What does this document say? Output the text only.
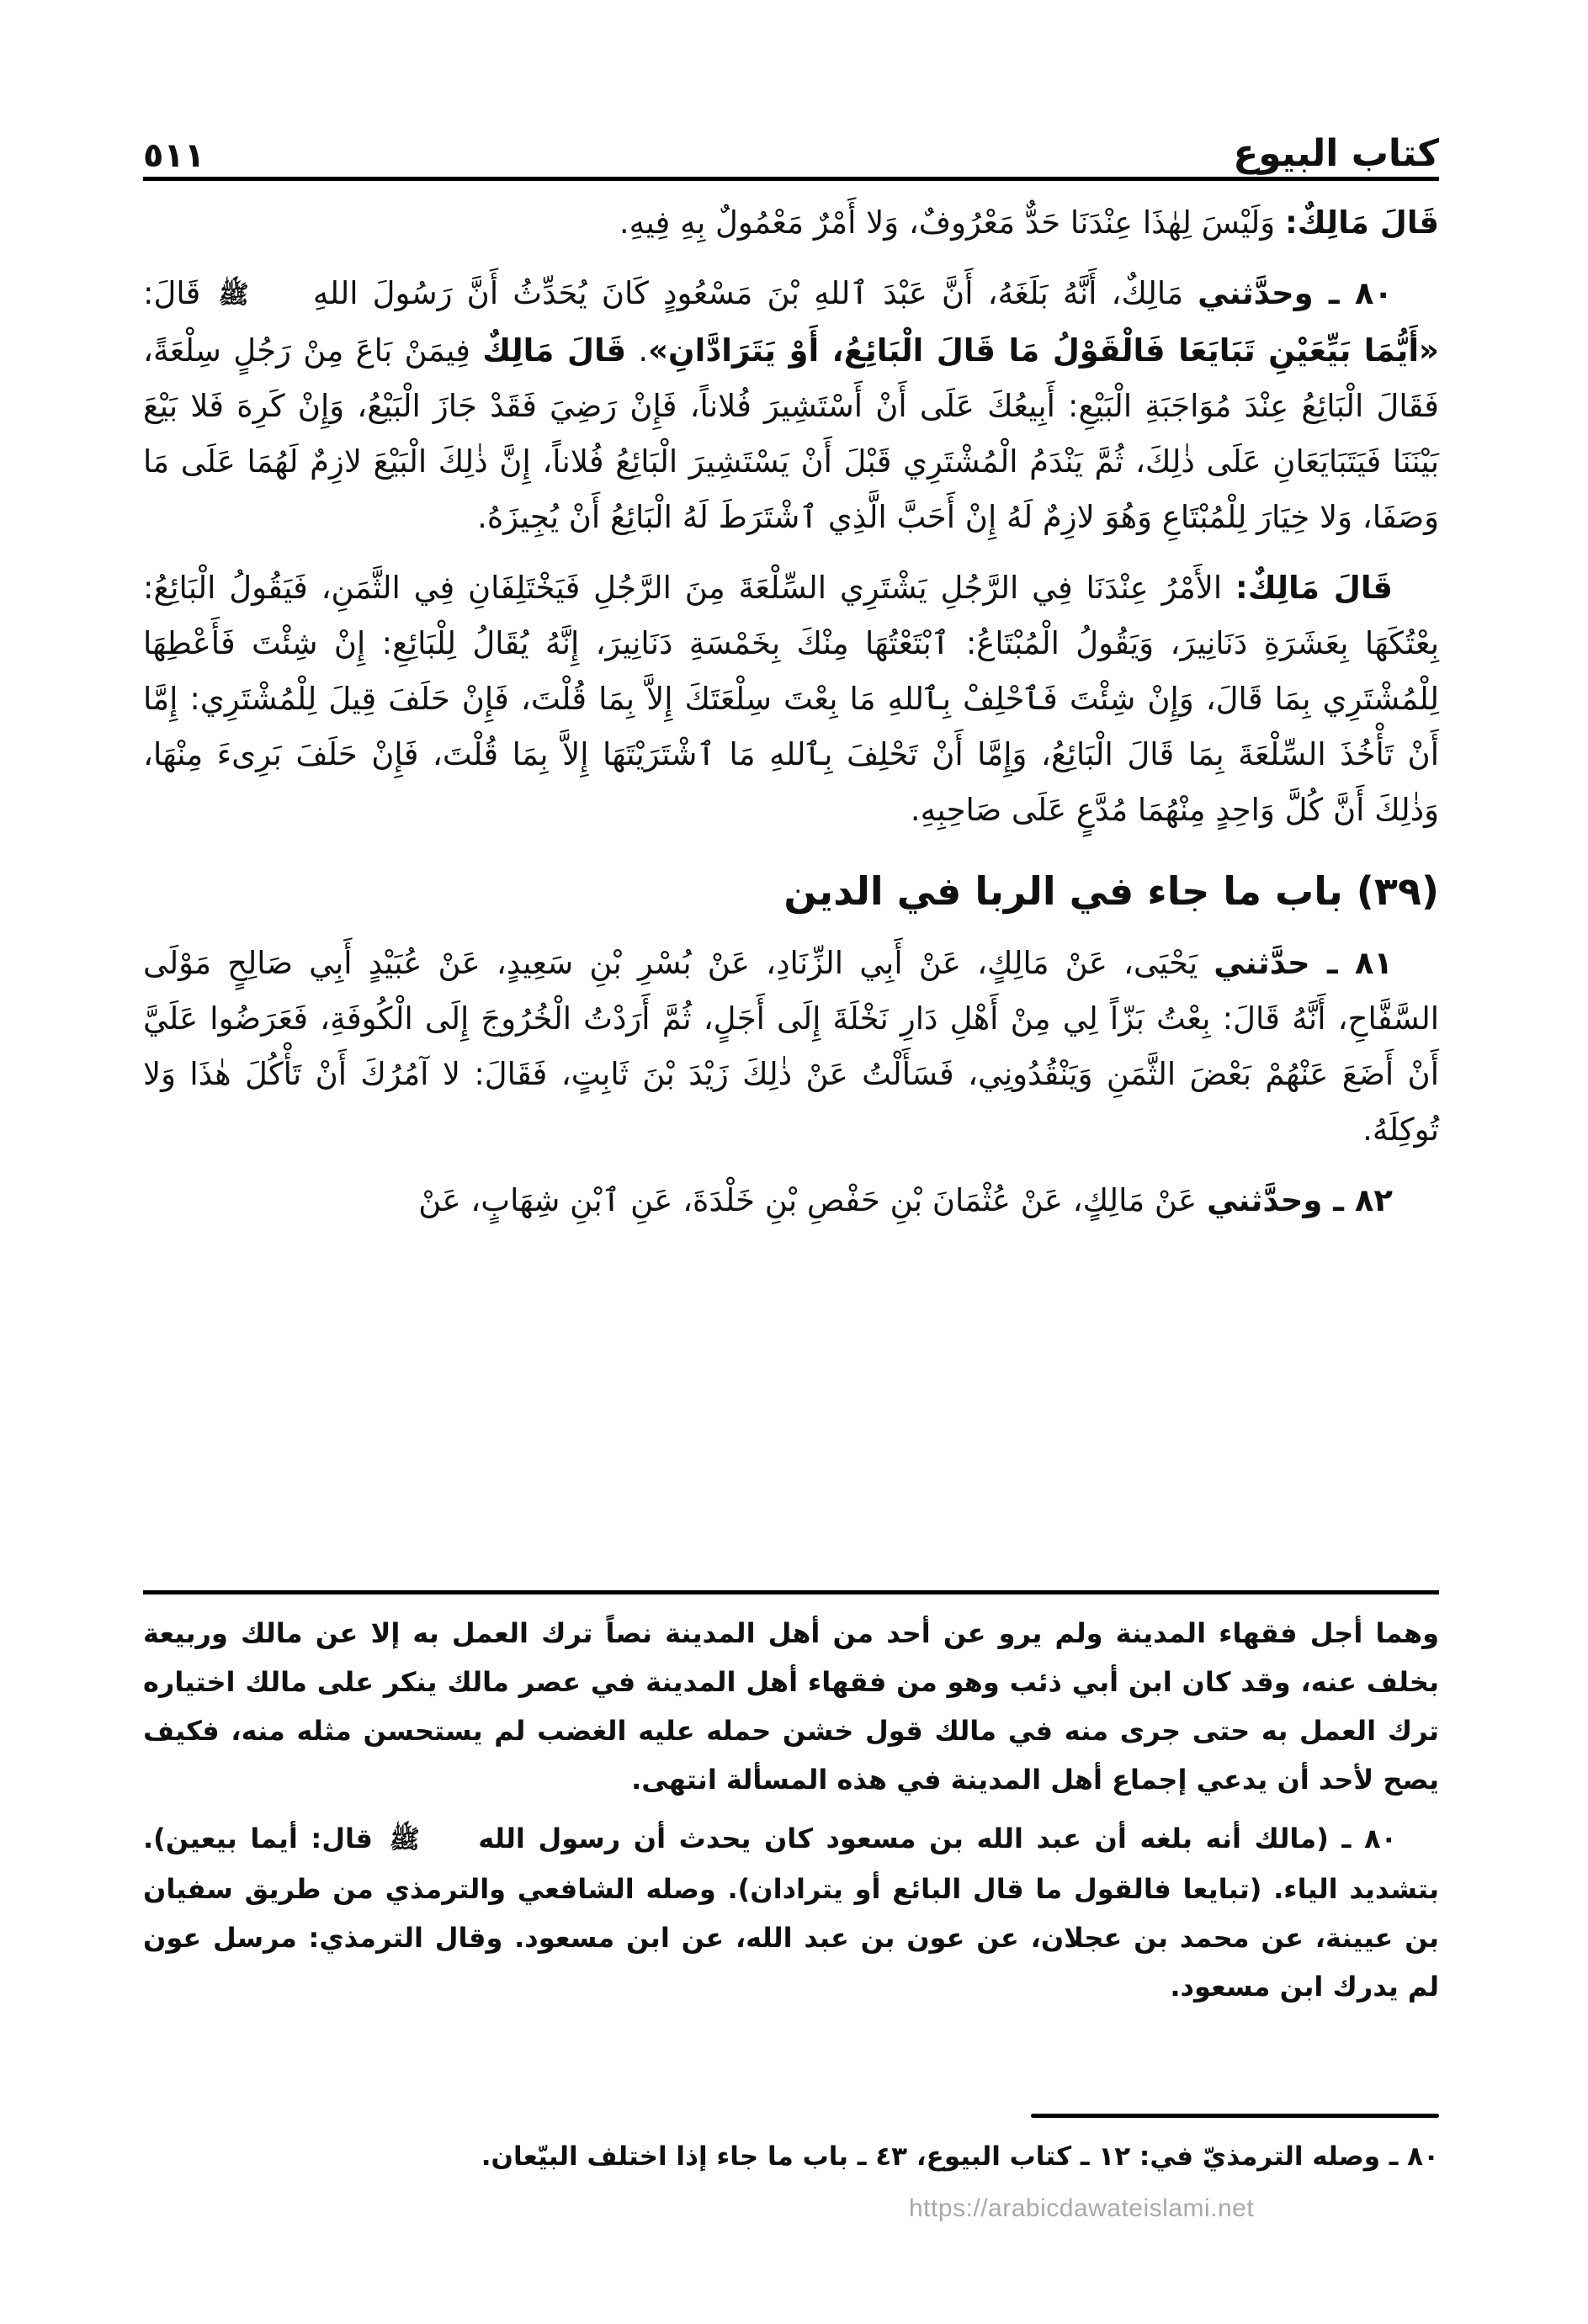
كتاب البيوع
٥١١

قَالَ مَالِكٌ: وَلَيْسَ لِهٰذَا عِنْدَنَا حَدٌّ مَعْرُوفٌ، وَلا أَمْرٌ مَعْمُولٌ بِهِ فِيهِ.

٨٠ ـ وحدَّثني مَالِكٌ، أَنَّهُ بَلَغَهُ، أَنَّ عَبْدَ ٱللهِ بْنَ مَسْعُودٍ كَانَ يُحَدِّثُ أَنَّ رَسُولَ اللهِ ﷺ قَالَ: «أَيُّمَا بَيِّعَيْنِ تَبَايَعَا فَالْقَوْلُ مَا قَالَ الْبَائِعُ، أَوْ يَتَرَادَّانِ». قَالَ مَالِكٌ فِيمَنْ بَاعَ مِنْ رَجُلٍ سِلْعَةً، فَقَالَ الْبَائِعُ عِنْدَ مُوَاجَبَةِ الْبَيْعِ: أَبِيعُكَ عَلَى أَنْ أَسْتَشِيرَ فُلاناً، فَإِنْ رَضِيَ فَقَدْ جَازَ الْبَيْعُ، وَإِنْ كَرِهَ فَلا بَيْعَ بَيْنَنَا فَيَتَبَايَعَانِ عَلَى ذٰلِكَ، ثُمَّ يَنْدَمُ الْمُشْتَرِي قَبْلَ أَنْ يَسْتَشِيرَ الْبَائِعُ فُلاناً، إِنَّ ذٰلِكَ الْبَيْعَ لازِمٌ لَهُمَا عَلَى مَا وَصَفَا، وَلا خِيَارَ لِلْمُبْتَاعِ وَهُوَ لازِمٌ لَهُ إِنْ أَحَبَّ الَّذِي ٱشْتَرَطَ لَهُ الْبَائِعُ أَنْ يُجِيزَهُ.

قَالَ مَالِكٌ: الأَمْرُ عِنْدَنَا فِي الرَّجُلِ يَشْتَرِي السِّلْعَةَ مِنَ الرَّجُلِ فَيَخْتَلِفَانِ فِي الثَّمَنِ، فَيَقُولُ الْبَائِعُ: بِعْتُكَهَا بِعَشَرَةِ دَنَانِيرَ، وَيَقُولُ الْمُبْتَاعُ: ٱبْتَعْتُهَا مِنْكَ بِخَمْسَةِ دَنَانِيرَ، إِنَّهُ يُقَالُ لِلْبَائِعِ: إِنْ شِئْتَ فَأَعْطِهَا لِلْمُشْتَرِي بِمَا قَالَ، وَإِنْ شِئْتَ فَٱحْلِفْ بِٱللهِ مَا بِعْتَ سِلْعَتَكَ إِلاَّ بِمَا قُلْتَ، فَإِنْ حَلَفَ قِيلَ لِلْمُشْتَرِي: إِمَّا أَنْ تَأْخُذَ السِّلْعَةَ بِمَا قَالَ الْبَائِعُ، وَإِمَّا أَنْ تَحْلِفَ بِٱللهِ مَا ٱشْتَرَيْتَهَا إِلاَّ بِمَا قُلْتَ، فَإِنْ حَلَفَ بَرِىءَ مِنْهَا، وَذٰلِكَ أَنَّ كُلَّ وَاحِدٍ مِنْهُمَا مُدَّعٍ عَلَى صَاحِبِهِ.

(٣٩) باب ما جاء في الربا في الدين

٨١ ـ حدَّثني يَحْيَى، عَنْ مَالِكٍ، عَنْ أَبِي الزِّنَادِ، عَنْ بُسْرِ بْنِ سَعِيدٍ، عَنْ عُبَيْدٍ أَبِي صَالِحٍ مَوْلَى السَّفَّاحِ، أَنَّهُ قَالَ: بِعْتُ بَزّاً لِي مِنْ أَهْلِ دَارِ نَخْلَةَ إِلَى أَجَلٍ، ثُمَّ أَرَدْتُ الْخُرُوجَ إِلَى الْكُوفَةِ، فَعَرَضُوا عَلَيَّ أَنْ أَضَعَ عَنْهُمْ بَعْضَ الثَّمَنِ وَيَنْقُدُونِي، فَسَأَلْتُ عَنْ ذٰلِكَ زَيْدَ بْنَ ثَابِتٍ، فَقَالَ: لا آمُرُكَ أَنْ تَأْكُلَ هٰذَا وَلا تُوكِلَهُ.

٨٢ ـ وحدَّثني عَنْ مَالِكٍ، عَنْ عُثْمَانَ بْنِ حَفْصِ بْنِ خَلْدَةَ، عَنِ ٱبْنِ شِهَابٍ، عَنْ

وهما أجل فقهاء المدينة ولم يرو عن أحد من أهل المدينة نصاً ترك العمل به إلا عن مالك وربيعة بخلف عنه، وقد كان ابن أبي ذئب وهو من فقهاء أهل المدينة في عصر مالك ينكر على مالك اختياره ترك العمل به حتى جرى منه في مالك قول خشن حمله عليه الغضب لم يستحسن مثله منه، فكيف يصح لأحد أن يدعي إجماع أهل المدينة في هذه المسألة انتهى.

٨٠ ـ (مالك أنه بلغه أن عبد الله بن مسعود كان يحدث أن رسول الله ﷺ قال: أيما بيعين). بتشديد الياء. (تبايعا فالقول ما قال البائع أو يترادان). وصله الشافعي والترمذي من طريق سفيان بن عيينة، عن محمد بن عجلان، عن عون بن عبد الله، عن ابن مسعود. وقال الترمذي: مرسل عون لم يدرك ابن مسعود.

٨٠ ـ وصله الترمذيّ في: ١٢ ـ كتاب البيوع، ٤٣ ـ باب ما جاء إذا اختلف البيّعان.
https://arabicdawateislami.net
